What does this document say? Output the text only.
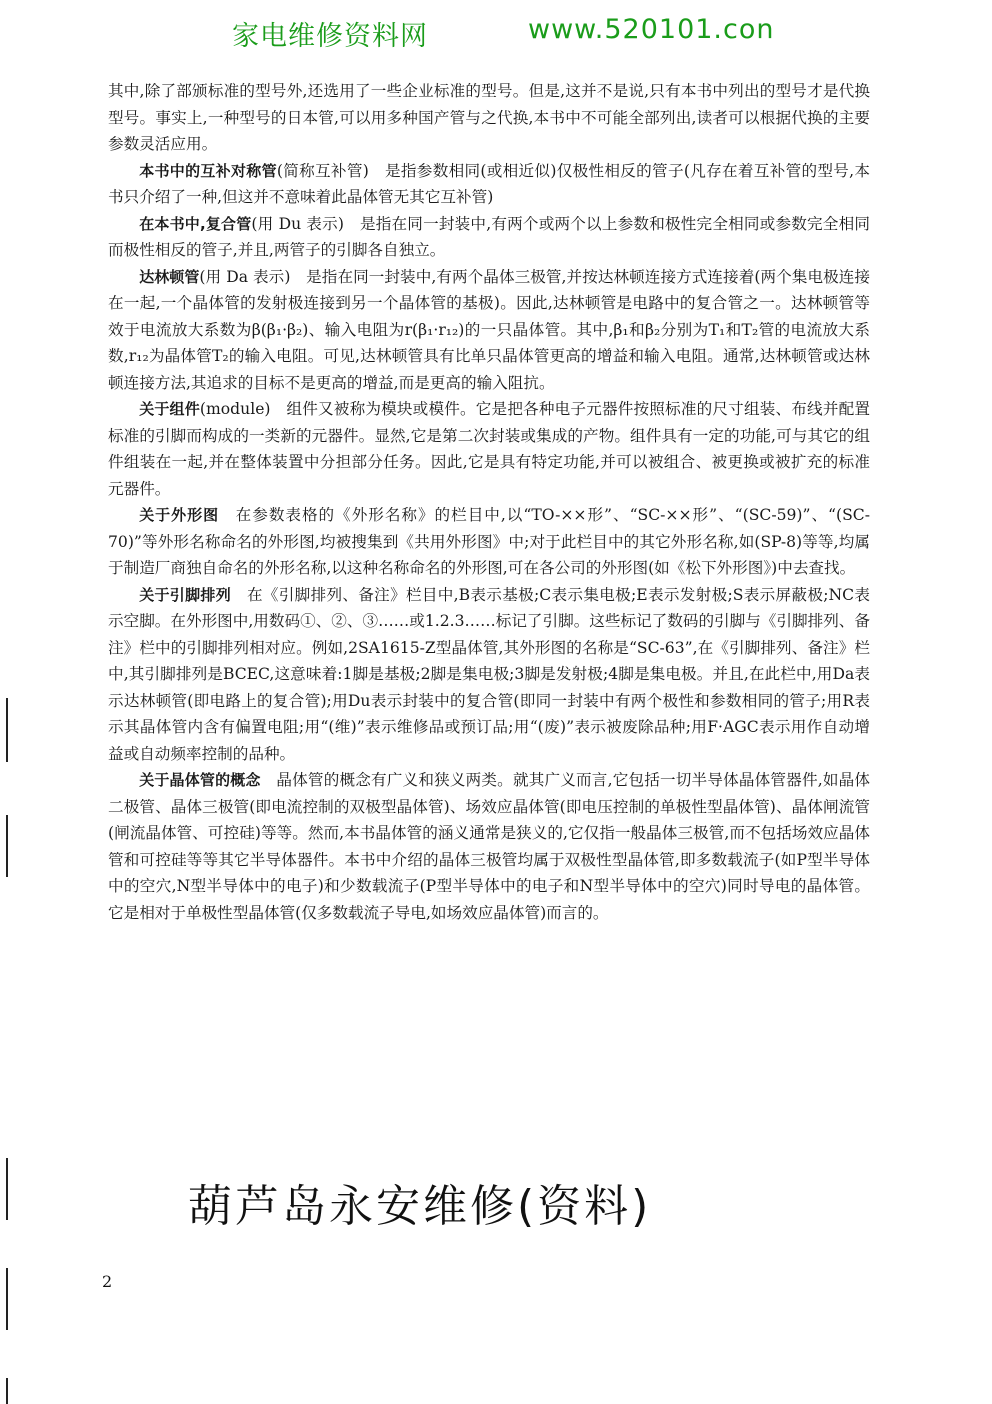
家电维修资料网	www.520101.con

其中,除了部颁标准的型号外,还选用了一些企业标准的型号。但是,这并不是说,只有本书中列出的型号才是代换型号。事实上,一种型号的日本管,可以用多种国产管与之代换,本书中不可能全部列出,读者可以根据代换的主要参数灵活应用。

本书中的互补对称管(简称互补管)　 是指参数相同(或相近似)仅极性相反的管子(凡存在着互补管的型号,本书只介绍了一种,但这并不意味着此晶体管无其它互补管)

在本书中,复合管(用 Du 表示)　 是指在同一封装中,有两个或两个以上参数和极性完全相同或参数完全相同而极性相反的管子,并且,两管子的引脚各自独立。

达林顿管(用 Da 表示)　 是指在同一封装中,有两个晶体三极管,并按达林顿连接方式连接着(两个集电极连接在一起,一个晶体管的发射极连接到另一个晶体管的基极)。因此,达林顿管是电路中的复合管之一。达林顿管等效于电流放大系数为β(β₁·β₂)、输入电阻为r(β₁·r₁₂)的一只晶体管。其中,β₁和β₂分别为T₁和T₂管的电流放大系数,r₁₂为晶体管T₂的输入电阻。可见,达林顿管具有比单只晶体管更高的增益和输入电阻。通常,达林顿管或达林顿连接方法,其追求的目标不是更高的增益,而是更高的输入阻抗。

关于组件(module)　 组件又被称为模块或模件。它是把各种电子元器件按照标准的尺寸组装、布线并配置标准的引脚而构成的一类新的元器件。显然,它是第二次封装或集成的产物。组件具有一定的功能,可与其它的组件组装在一起,并在整体装置中分担部分任务。因此,它是具有特定功能,并可以被组合、被更换或被扩充的标准元器件。

关于外形图　 在参数表格的《外形名称》的栏目中,以“TO-××形”、“SC-××形”、“(SC-59)”、“(SC-70)”等外形名称命名的外形图,均被搜集到《共用外形图》中;对于此栏目中的其它外形名称,如(SP-8)等等,均属于制造厂商独自命名的外形名称,以这种名称命名的外形图,可在各公司的外形图(如《松下外形图》)中去查找。

关于引脚排列　 在《引脚排列、备注》栏目中,B表示基极;C表示集电极;E表示发射极;S表示屏蔽极;NC表示空脚。在外形图中,用数码①、②、③……或1.2.3……标记了引脚。这些标记了数码的引脚与《引脚排列、备注》栏中的引脚排列相对应。例如,2SA1615-Z型晶体管,其外形图的名称是“SC-63”,在《引脚排列、备注》栏中,其引脚排列是BCEC,这意味着:1脚是基极;2脚是集电极;3脚是发射极;4脚是集电极。并且,在此栏中,用Da表示达林顿管(即电路上的复合管);用Du表示封装中的复合管(即同一封装中有两个极性和参数相同的管子;用R表示其晶体管内含有偏置电阻;用“(维)”表示维修品或预订品;用“(废)”表示被废除品种;用F·AGC表示用作自动增益或自动频率控制的品种。

关于晶体管的概念　 晶体管的概念有广义和狭义两类。就其广义而言,它包括一切半导体晶体管器件,如晶体二极管、晶体三极管(即电流控制的双极型晶体管)、场效应晶体管(即电压控制的单极性型晶体管)、晶体闸流管(闸流晶体管、可控硅)等等。然而,本书晶体管的涵义通常是狭义的,它仅指一般晶体三极管,而不包括场效应晶体管和可控硅等等其它半导体器件。本书中介绍的晶体三极管均属于双极性型晶体管,即多数载流子(如P型半导体中的空穴,N型半导体中的电子)和少数载流子(P型半导体中的电子和N型半导体中的空穴)同时导电的晶体管。它是相对于单极性型晶体管(仅多数载流子导电,如场效应晶体管)而言的。

葫芦岛永安维修(资料)
2
